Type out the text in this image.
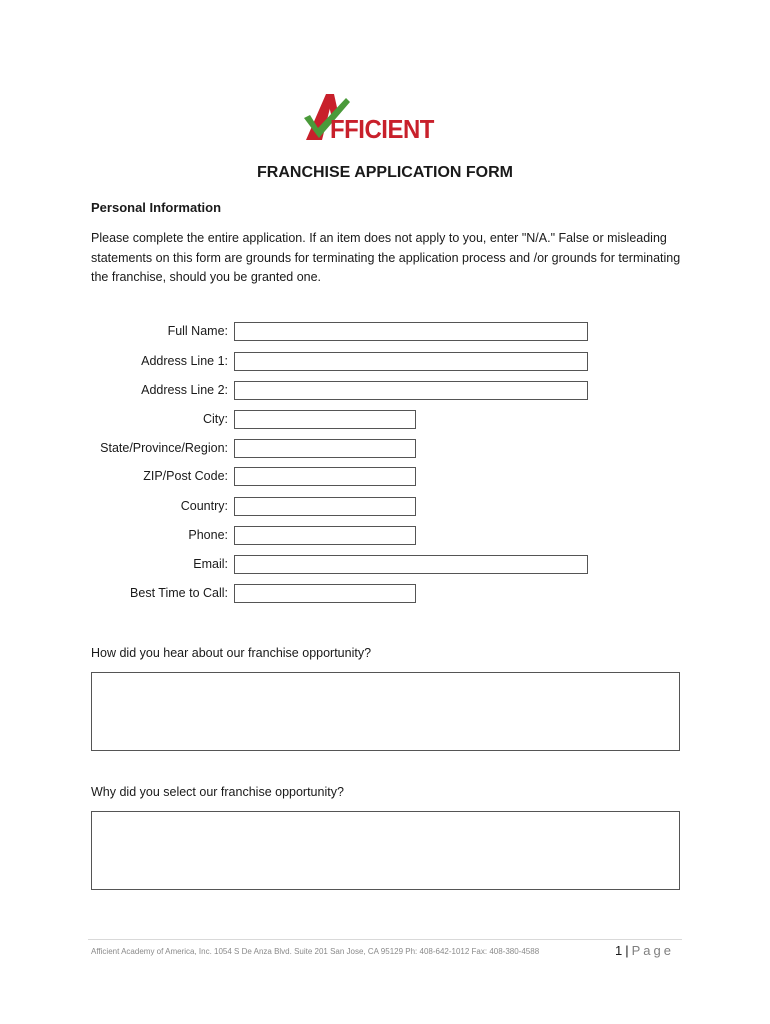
FFICIENT
FRANCHISE APPLICATION FORM
Personal Information
Please complete the entire application. If an item does not apply to you, enter "N/A." False or misleading statements on this form are grounds for terminating the application process and /or grounds for terminating the franchise, should you be granted one.
Full Name:
Address Line 1:
Address Line 2:
City:
State/Province/Region:
ZIP/Post Code:
Country:
Phone:
Email:
Best Time to Call:
How did you hear about our franchise opportunity?
Why did you select our franchise opportunity?
Afficient Academy of America, Inc. 1054 S De Anza Blvd. Suite 201 San Jose, CA 95129 Ph: 408-642-1012 Fax: 408-380-4588	1 | Page
